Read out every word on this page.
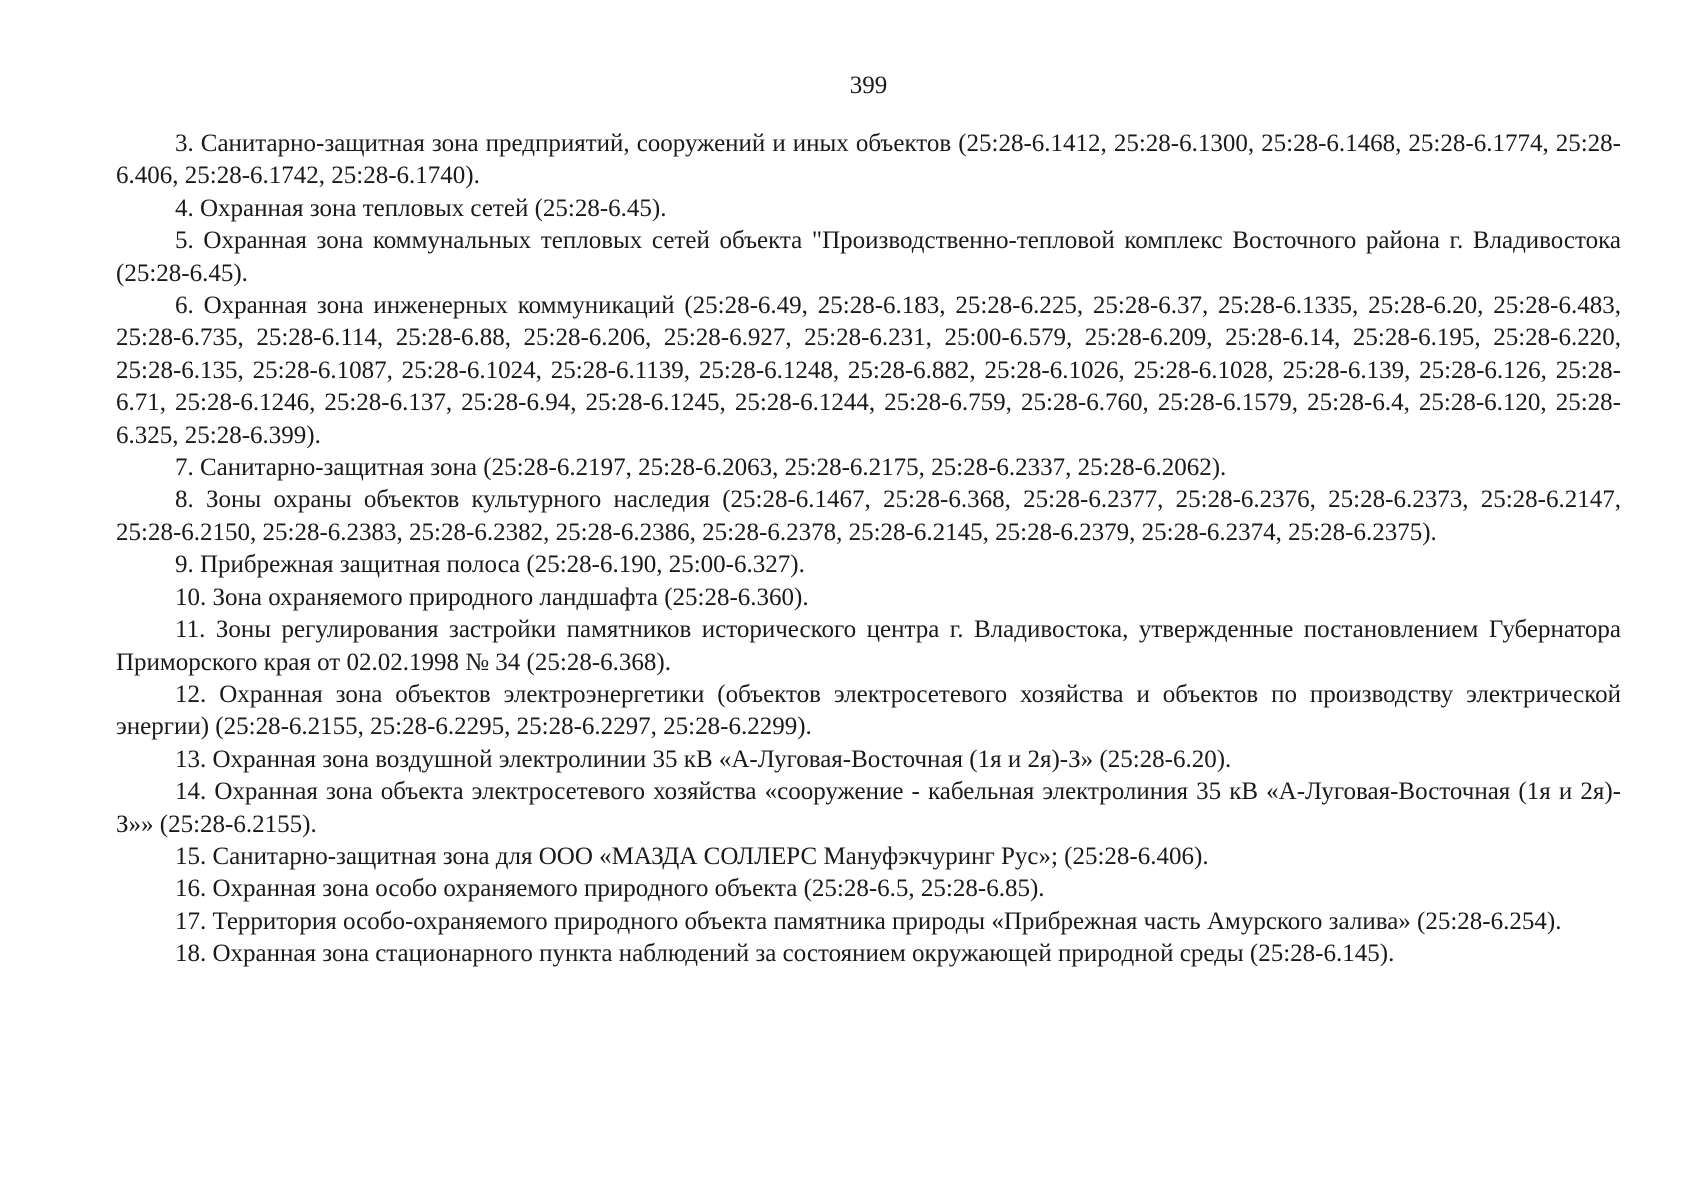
399

3. Санитарно-защитная зона предприятий, сооружений и иных объектов (25:28-6.1412, 25:28-6.1300, 25:28-6.1468, 25:28-6.1774, 25:28-6.406, 25:28-6.1742, 25:28-6.1740).

4. Охранная зона тепловых сетей (25:28-6.45).

5. Охранная зона коммунальных тепловых сетей объекта "Производственно-тепловой комплекс Восточного района г. Владивостока (25:28-6.45).

6. Охранная зона инженерных коммуникаций (25:28-6.49, 25:28-6.183, 25:28-6.225, 25:28-6.37, 25:28-6.1335, 25:28-6.20, 25:28-6.483, 25:28-6.735, 25:28-6.114, 25:28-6.88, 25:28-6.206, 25:28-6.927, 25:28-6.231, 25:00-6.579, 25:28-6.209, 25:28-6.14, 25:28-6.195, 25:28-6.220, 25:28-6.135, 25:28-6.1087, 25:28-6.1024, 25:28-6.1139, 25:28-6.1248, 25:28-6.882, 25:28-6.1026, 25:28-6.1028, 25:28-6.139, 25:28-6.126, 25:28-6.71, 25:28-6.1246, 25:28-6.137, 25:28-6.94, 25:28-6.1245, 25:28-6.1244, 25:28-6.759, 25:28-6.760, 25:28-6.1579, 25:28-6.4, 25:28-6.120, 25:28-6.325, 25:28-6.399).

7. Санитарно-защитная зона (25:28-6.2197, 25:28-6.2063, 25:28-6.2175, 25:28-6.2337, 25:28-6.2062).

8. Зоны охраны объектов культурного наследия (25:28-6.1467, 25:28-6.368, 25:28-6.2377, 25:28-6.2376, 25:28-6.2373, 25:28-6.2147, 25:28-6.2150, 25:28-6.2383, 25:28-6.2382, 25:28-6.2386, 25:28-6.2378, 25:28-6.2145, 25:28-6.2379, 25:28-6.2374, 25:28-6.2375).

9. Прибрежная защитная полоса (25:28-6.190, 25:00-6.327).

10. Зона охраняемого природного ландшафта (25:28-6.360).

11. Зоны регулирования застройки памятников исторического центра г. Владивостока, утвержденные постановлением Губернатора Приморского края от 02.02.1998 № 34 (25:28-6.368).

12. Охранная зона объектов электроэнергетики (объектов электросетевого хозяйства и объектов по производству электрической энергии) (25:28-6.2155, 25:28-6.2295, 25:28-6.2297, 25:28-6.2299).

13. Охранная зона воздушной электролинии 35 кВ «А-Луговая-Восточная (1я и 2я)-З» (25:28-6.20).

14. Охранная зона объекта электросетевого хозяйства «сооружение - кабельная электролиния 35 кВ «А-Луговая-Восточная (1я и 2я)-З»» (25:28-6.2155).

15. Санитарно-защитная зона для ООО «МАЗДА СОЛЛЕРС Мануфэкчуринг Рус»; (25:28-6.406).

16. Охранная зона особо охраняемого природного объекта (25:28-6.5, 25:28-6.85).

17. Территория особо-охраняемого природного объекта памятника природы «Прибрежная часть Амурского залива» (25:28-6.254).

18. Охранная зона стационарного пункта наблюдений за состоянием окружающей природной среды (25:28-6.145).
